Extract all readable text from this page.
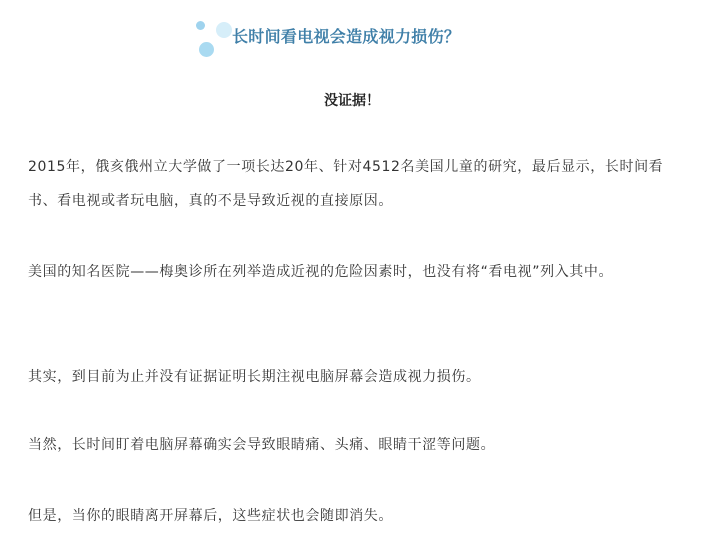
长时间看电视会造成视力损伤？
没证据！

2015年，俄亥俄州立大学做了一项长达20年、针对4512名美国儿童的研究，最后显示，长时间看书、看电视或者玩电脑，真的不是导致近视的直接原因。

美国的知名医院——梅奥诊所在列举造成近视的危险因素时，也没有将“看电视”列入其中。

其实，到目前为止并没有证据证明长期注视电脑屏幕会造成视力损伤。

当然，长时间盯着电脑屏幕确实会导致眼睛痛、头痛、眼睛干涩等问题。

但是，当你的眼睛离开屏幕后，这些症状也会随即消失。
